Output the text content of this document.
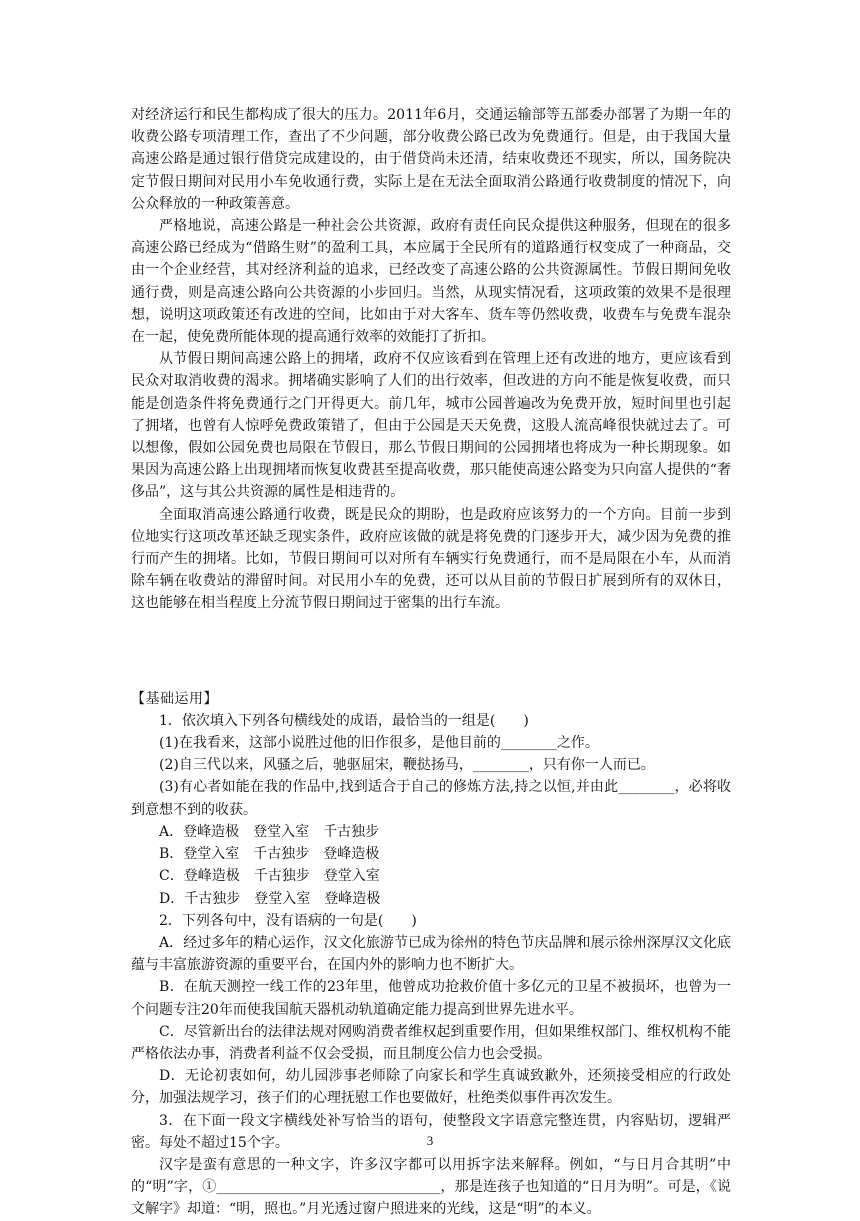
对经济运行和民生都构成了很大的压力。2011年6月，交通运输部等五部委办部署了为期一年的收费公路专项清理工作，查出了不少问题，部分收费公路已改为免费通行。但是，由于我国大量高速公路是通过银行借贷完成建设的，由于借贷尚未还清，结束收费还不现实，所以，国务院决定节假日期间对民用小车免收通行费，实际上是在无法全面取消公路通行收费制度的情况下，向公众释放的一种政策善意。

严格地说，高速公路是一种社会公共资源，政府有责任向民众提供这种服务，但现在的很多高速公路已经成为“借路生财”的盈利工具，本应属于全民所有的道路通行权变成了一种商品，交由一个企业经营，其对经济利益的追求，已经改变了高速公路的公共资源属性。节假日期间免收通行费，则是高速公路向公共资源的小步回归。当然，从现实情况看，这项政策的效果不是很理想，说明这项政策还有改进的空间，比如由于对大客车、货车等仍然收费，收费车与免费车混杂在一起，使免费所能体现的提高通行效率的效能打了折扣。

从节假日期间高速公路上的拥堵，政府不仅应该看到在管理上还有改进的地方，更应该看到民众对取消收费的渴求。拥堵确实影响了人们的出行效率，但改进的方向不能是恢复收费，而只能是创造条件将免费通行之门开得更大。前几年，城市公园普遍改为免费开放，短时间里也引起了拥堵，也曾有人惊呼免费政策错了，但由于公园是天天免费，这股人流高峰很快就过去了。可以想像，假如公园免费也局限在节假日，那么节假日期间的公园拥堵也将成为一种长期现象。如果因为高速公路上出现拥堵而恢复收费甚至提高收费，那只能使高速公路变为只向富人提供的“奢侈品”，这与其公共资源的属性是相违背的。

全面取消高速公路通行收费，既是民众的期盼，也是政府应该努力的一个方向。目前一步到位地实行这项改革还缺乏现实条件，政府应该做的就是将免费的门逐步开大，减少因为免费的推行而产生的拥堵。比如，节假日期间可以对所有车辆实行免费通行，而不是局限在小车，从而消除车辆在收费站的滞留时间。对民用小车的免费，还可以从目前的节假日扩展到所有的双休日，这也能够在相当程度上分流节假日期间过于密集的出行车流。

【基础运用】

1．依次填入下列各句横线处的成语，最恰当的一组是(　　)

(1)在我看来，这部小说胜过他的旧作很多，是他目前的________之作。

(2)自三代以来，风骚之后，驰驱屈宋，鞭挞扬马，________，只有你一人而已。

(3)有心者如能在我的作品中,找到适合于自己的修炼方法,持之以恒,并由此________，必将收到意想不到的收获。

A．登峰造极　登堂入室　千古独步

B．登堂入室　千古独步　登峰造极

C．登峰造极　千古独步　登堂入室

D．千古独步　登堂入室　登峰造极

2．下列各句中，没有语病的一句是(　　)

A．经过多年的精心运作，汉文化旅游节已成为徐州的特色节庆品牌和展示徐州深厚汉文化底蕴与丰富旅游资源的重要平台，在国内外的影响力也不断扩大。

B．在航天测控一线工作的23年里，他曾成功抢救价值十多亿元的卫星不被损坏，也曾为一个问题专注20年而使我国航天器机动轨道确定能力提高到世界先进水平。

C．尽管新出台的法律法规对网购消费者维权起到重要作用，但如果维权部门、维权机构不能严格依法办事，消费者利益不仅会受损，而且制度公信力也会受损。

D．无论初衷如何，幼儿园涉事老师除了向家长和学生真诚致歉外，还须接受相应的行政处分，加强法规学习，孩子们的心理抚慰工作也要做好，杜绝类似事件再次发生。

3．在下面一段文字横线处补写恰当的语句，使整段文字语意完整连贯，内容贴切，逻辑严密。每处不超过15个字。

汉字是蛮有意思的一种文字，许多汉字都可以用拆字法来解释。例如，“与日月合其明”中的“明”字，①________________________________，那是连孩子也知道的“日月为明”。可是，《说文解字》却道：“明，照也。”月光透过窗户照进来的光线，这是“明”的本义。

3
